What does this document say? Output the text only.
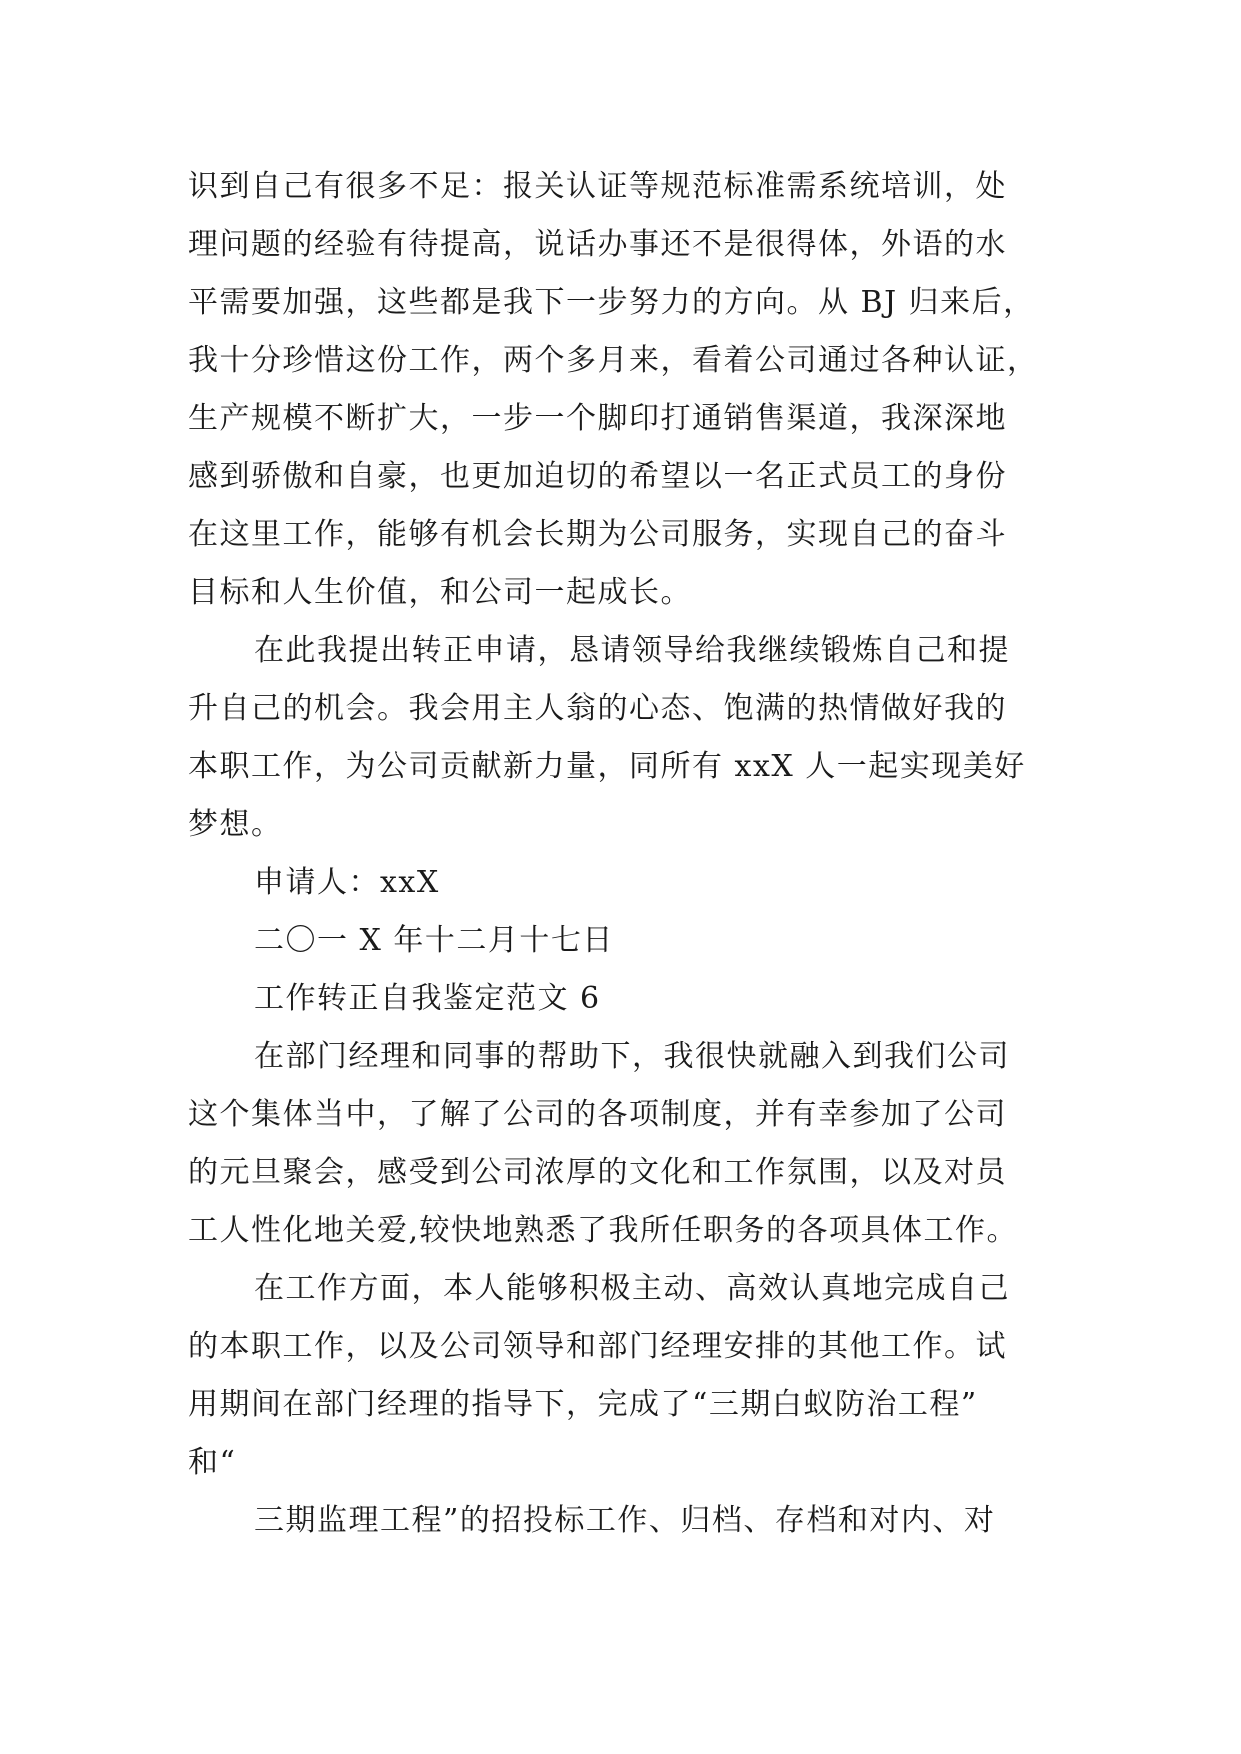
识到自己有很多不足：报关认证等规范标准需系统培训，处
理问题的经验有待提高，说话办事还不是很得体，外语的水
平需要加强，这些都是我下一步努力的方向。从 BJ 归来后，
我十分珍惜这份工作，两个多月来，看着公司通过各种认证，
生产规模不断扩大，一步一个脚印打通销售渠道，我深深地
感到骄傲和自豪，也更加迫切的希望以一名正式员工的身份
在这里工作，能够有机会长期为公司服务，实现自己的奋斗
目标和人生价值，和公司一起成长。
在此我提出转正申请，恳请领导给我继续锻炼自己和提
升自己的机会。我会用主人翁的心态、饱满的热情做好我的
本职工作，为公司贡献新力量，同所有 xxX 人一起实现美好
梦想。
申请人：xxX
二〇一 X 年十二月十七日
工作转正自我鉴定范文 6
在部门经理和同事的帮助下，我很快就融入到我们公司
这个集体当中，了解了公司的各项制度，并有幸参加了公司
的元旦聚会，感受到公司浓厚的文化和工作氛围，以及对员
工人性化地关爱,较快地熟悉了我所任职务的各项具体工作。
在工作方面，本人能够积极主动、高效认真地完成自己
的本职工作，以及公司领导和部门经理安排的其他工作。试
用期间在部门经理的指导下，完成了“三期白蚁防治工程”
和“
三期监理工程”的招投标工作、归档、存档和对内、对
